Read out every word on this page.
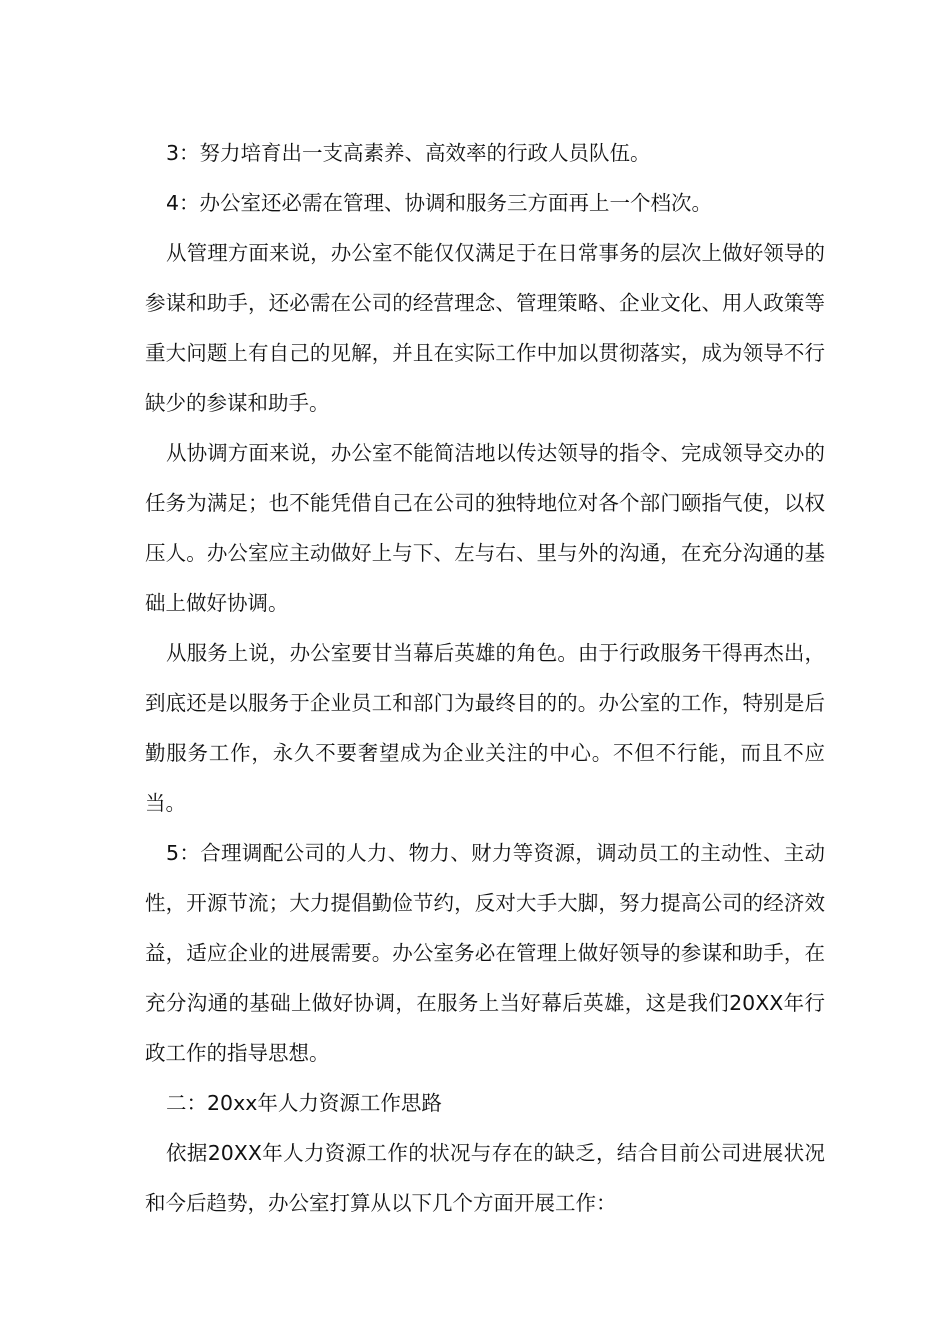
3：努力培育出一支高素养、高效率的行政人员队伍。

4：办公室还必需在管理、协调和服务三方面再上一个档次。

从管理方面来说，办公室不能仅仅满足于在日常事务的层次上做好领导的参谋和助手，还必需在公司的经营理念、管理策略、企业文化、用人政策等重大问题上有自己的见解，并且在实际工作中加以贯彻落实，成为领导不行缺少的参谋和助手。

从协调方面来说，办公室不能简洁地以传达领导的指令、完成领导交办的任务为满足；也不能凭借自己在公司的独特地位对各个部门颐指气使，以权压人。办公室应主动做好上与下、左与右、里与外的沟通，在充分沟通的基础上做好协调。

从服务上说，办公室要甘当幕后英雄的角色。由于行政服务干得再杰出，到底还是以服务于企业员工和部门为最终目的的。办公室的工作，特别是后勤服务工作，永久不要奢望成为企业关注的中心。不但不行能，而且不应当。

5：合理调配公司的人力、物力、财力等资源，调动员工的主动性、主动性，开源节流；大力提倡勤俭节约，反对大手大脚，努力提高公司的经济效益，适应企业的进展需要。办公室务必在管理上做好领导的参谋和助手，在充分沟通的基础上做好协调，在服务上当好幕后英雄，这是我们20XX年行政工作的指导思想。

二：20xx年人力资源工作思路

依据20XX年人力资源工作的状况与存在的缺乏，结合目前公司进展状况和今后趋势，办公室打算从以下几个方面开展工作：
